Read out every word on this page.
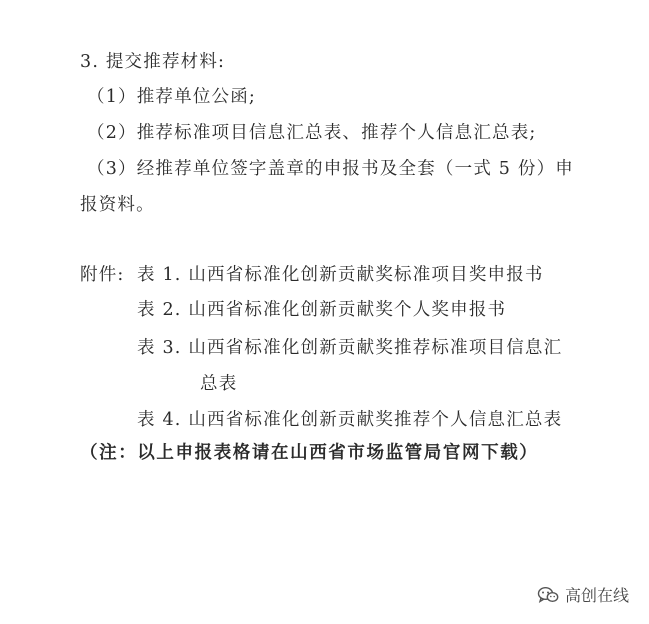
3. 提交推荐材料:
（1）推荐单位公函;
（2）推荐标准项目信息汇总表、推荐个人信息汇总表;
（3）经推荐单位签字盖章的申报书及全套（一式 5 份）申
报资料。
附件: 表 1. 山西省标准化创新贡献奖标准项目奖申报书
表 2. 山西省标准化创新贡献奖个人奖申报书
表 3. 山西省标准化创新贡献奖推荐标准项目信息汇
总表
表 4. 山西省标准化创新贡献奖推荐个人信息汇总表
（注：以上申报表格请在山西省市场监管局官网下载）
高创在线
